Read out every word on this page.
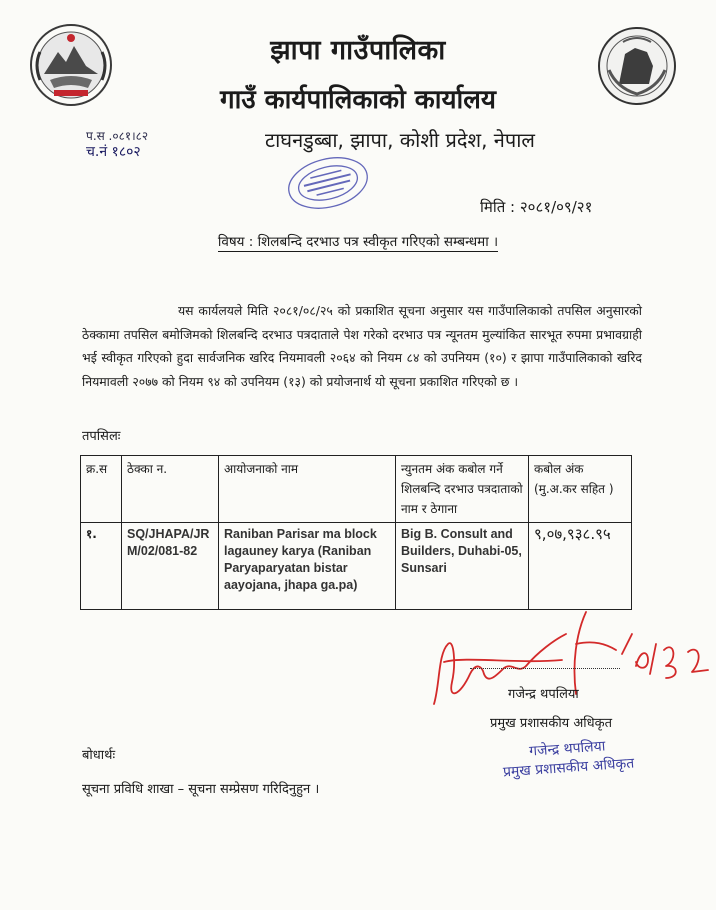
झापा गाउँपालिका
गाउँ कार्यपालिकाको कार्यालय
टाघनडुब्बा, झापा, कोशी प्रदेश, नेपाल
प.स .०८१।८२
च.नं १८०२
मिति : २०८१/०९/२१
विषय : शिलबन्दि दरभाउ पत्र स्वीकृत गरिएको सम्बन्धमा ।
यस कार्यलयले मिति २०८१/०८/२५ को प्रकाशित सूचना अनुसार यस गाउँपालिकाको तपसिल अनुसारको ठेक्कामा तपसिल बमोजिमको शिलबन्दि दरभाउ पत्रदाताले पेश गरेको दरभाउ पत्र न्यूनतम मुल्यांकित सारभूत रुपमा प्रभावग्राही भई स्वीकृत गरिएको हुदा सार्वजनिक खरिद नियमावली २०६४ को नियम ८४ को उपनियम (१०) र झापा गाउँपालिकाको खरिद नियमावली २०७७ को नियम ९४ को उपनियम (१३) को प्रयोजनार्थ यो सूचना प्रकाशित गरिएको छ ।
तपसिलः
क्र.स	ठेक्का न.	आयोजनाको नाम	न्युनतम अंक कबोल गर्ने शिलबन्दि दरभाउ पत्रदाताको नाम र ठेगाना	कबोल अंक (मु.अ.कर सहित )
१.	SQ/JHAPA/JRM/02/081-82	Raniban Parisar ma block lagauney karya (Raniban Paryaparyatan bistar aayojana, jhapa ga.pa)	Big B. Consult and Builders, Duhabi-05, Sunsari	९,०७,९३८.९५
गजेन्द्र थपलिया
प्रमुख प्रशासकीय अधिकृत
गजेन्द्र थपलिया
प्रमुख प्रशासकीय अधिकृत
बोधार्थः
सूचना प्रविधि शाखा – सूचना सम्प्रेसण गरिदिनुहुन ।
